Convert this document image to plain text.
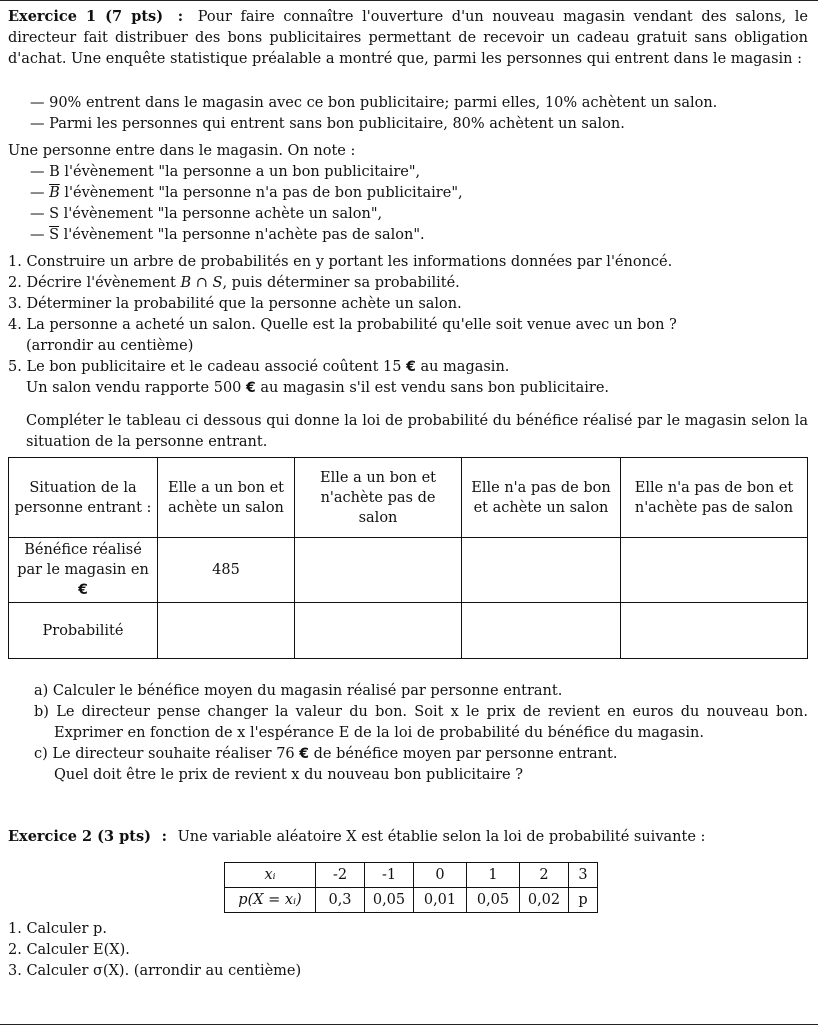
Exercice 1 (7 pts) : Pour faire connaître l'ouverture d'un nouveau magasin vendant des salons, le directeur fait distribuer des bons publicitaires permettant de recevoir un cadeau gratuit sans obligation d'achat. Une enquête statistique préalable a montré que, parmi les personnes qui entrent dans le magasin :

— 90% entrent dans le magasin avec ce bon publicitaire; parmi elles, 10% achètent un salon.
— Parmi les personnes qui entrent sans bon publicitaire, 80% achètent un salon.

Une personne entre dans le magasin. On note :

— B l'évènement "la personne a un bon publicitaire",
— $\overline{B}$ l'évènement "la personne n'a pas de bon publicitaire",
— S l'évènement "la personne achète un salon",
— $\overline{S}$ l'évènement "la personne n'achète pas de salon".
1. Construire un arbre de probabilités en y portant les informations données par l'énoncé.
2. Décrire l'évènement B ∩ S, puis déterminer sa probabilité.
3. Déterminer la probabilité que la personne achète un salon.
4. La personne a acheté un salon. Quelle est la probabilité qu'elle soit venue avec un bon ?
(arrondir au centième)
5. Le bon publicitaire et le cadeau associé coûtent 15 € au magasin.
Un salon vendu rapporte 500 € au magasin s'il est vendu sans bon publicitaire.

Compléter le tableau ci dessous qui donne la loi de probabilité du bénéfice réalisé par le magasin selon la situation de la personne entrant.

Situation de la personne entrant :	Elle a un bon et achète un salon	Elle a un bon et n'achète pas de salon	Elle n'a pas de bon et achète un salon	Elle n'a pas de bon et n'achète pas de salon
Bénéfice réalisé par le magasin en €	485			
Probabilité				
a) Calculer le bénéfice moyen du magasin réalisé par personne entrant.
b) Le directeur pense changer la valeur du bon. Soit x le prix de revient en euros du nouveau bon. Exprimer en fonction de x l'espérance E de la loi de probabilité du bénéfice du magasin.
c) Le directeur souhaite réaliser 76 € de bénéfice moyen par personne entrant.
Quel doit être le prix de revient x du nouveau bon publicitaire ?

Exercice 2 (3 pts) : Une variable aléatoire X est établie selon la loi de probabilité suivante :

xᵢ	-2	-1	0	1	2	3
p(X = xᵢ)	0,3	0,05	0,01	0,05	0,02	p
1. Calculer p.
2. Calculer E(X).
3. Calculer σ(X). (arrondir au centième)
